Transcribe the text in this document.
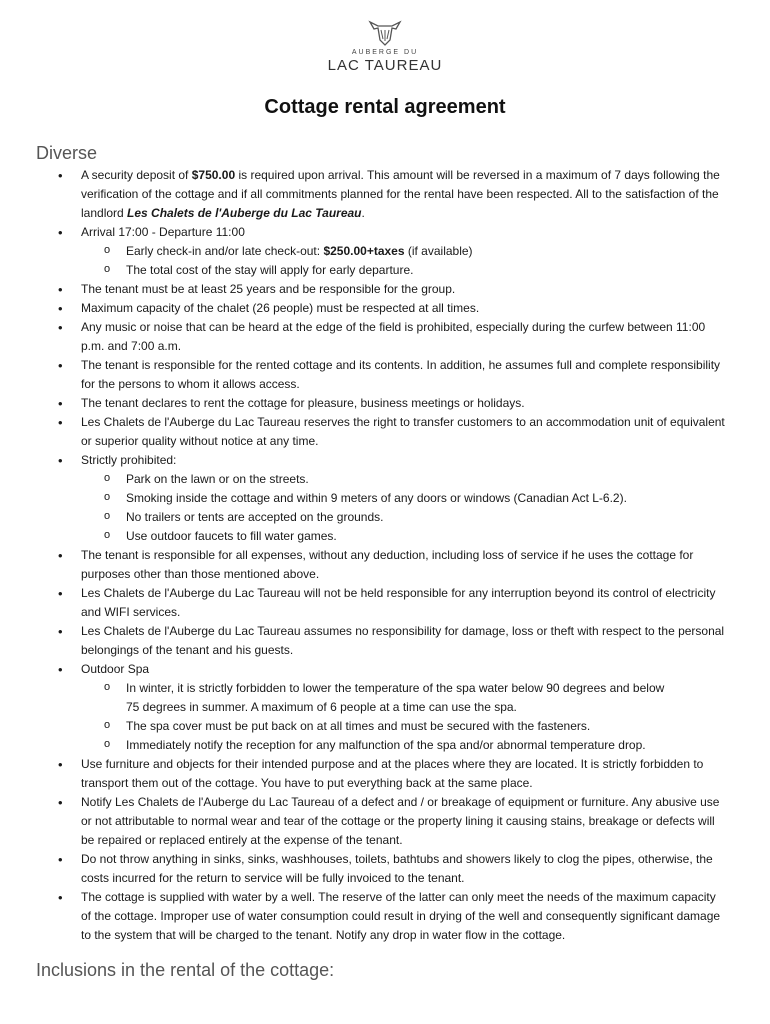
AUBERGE DU
LAC TAUREAU
Cottage rental agreement
Diverse
• A security deposit of $750.00 is required upon arrival. This amount will be reversed in a maximum of 7 days following the verification of the cottage and if all commitments planned for the rental have been respected. All to the satisfaction of the landlord Les Chalets de l'Auberge du Lac Taureau.
• Arrival 17:00 - Departure 11:00
o Early check-in and/or late check-out: $250.00+taxes (if available)
o The total cost of the stay will apply for early departure.
• The tenant must be at least 25 years and be responsible for the group.
• Maximum capacity of the chalet (26 people) must be respected at all times.
• Any music or noise that can be heard at the edge of the field is prohibited, especially during the curfew between 11:00 p.m. and 7:00 a.m.
• The tenant is responsible for the rented cottage and its contents. In addition, he assumes full and complete responsibility for the persons to whom it allows access.
• The tenant declares to rent the cottage for pleasure, business meetings or holidays.
• Les Chalets de l'Auberge du Lac Taureau reserves the right to transfer customers to an accommodation unit of equivalent or superior quality without notice at any time.
• Strictly prohibited:
o Park on the lawn or on the streets.
o Smoking inside the cottage and within 9 meters of any doors or windows (Canadian Act L-6.2).
o No trailers or tents are accepted on the grounds.
o Use outdoor faucets to fill water games.
• The tenant is responsible for all expenses, without any deduction, including loss of service if he uses the cottage for purposes other than those mentioned above.
• Les Chalets de l'Auberge du Lac Taureau will not be held responsible for any interruption beyond its control of electricity and WIFI services.
• Les Chalets de l'Auberge du Lac Taureau assumes no responsibility for damage, loss or theft with respect to the personal belongings of the tenant and his guests.
• Outdoor Spa
o In winter, it is strictly forbidden to lower the temperature of the spa water below 90 degrees and below
75 degrees in summer. A maximum of 6 people at a time can use the spa.
o The spa cover must be put back on at all times and must be secured with the fasteners.
o Immediately notify the reception for any malfunction of the spa and/or abnormal temperature drop.
• Use furniture and objects for their intended purpose and at the places where they are located. It is strictly forbidden to transport them out of the cottage. You have to put everything back at the same place.
• Notify Les Chalets de l'Auberge du Lac Taureau of a defect and / or breakage of equipment or furniture. Any abusive use or not attributable to normal wear and tear of the cottage or the property lining it causing stains, breakage or defects will be repaired or replaced entirely at the expense of the tenant.
• Do not throw anything in sinks, sinks, washhouses, toilets, bathtubs and showers likely to clog the pipes, otherwise, the costs incurred for the return to service will be fully invoiced to the tenant.
• The cottage is supplied with water by a well. The reserve of the latter can only meet the needs of the maximum capacity of the cottage. Improper use of water consumption could result in drying of the well and consequently significant damage to the system that will be charged to the tenant. Notify any drop in water flow in the cottage.
Inclusions in the rental of the cottage:
